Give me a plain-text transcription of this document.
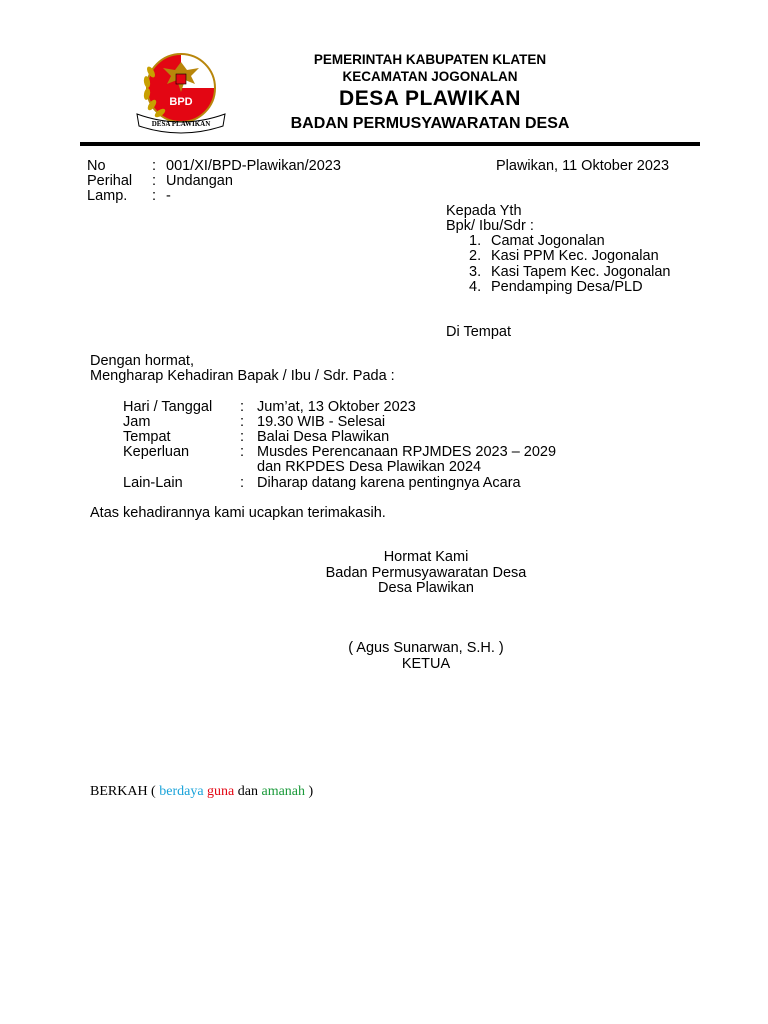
BPD
DESA PLAWIKAN
PEMERINTAH KABUPATEN KLATEN
KECAMATAN JOGONALAN
DESA PLAWIKAN
BADAN PERMUSYAWARATAN DESA
No	: 001/XI/BPD-Plawikan/2023	Plawikan, 11 Oktober 2023
Perihal : Undangan
Lamp. : -
Kepada Yth
Bpk/ Ibu/Sdr :
1. Camat Jogonalan
2. Kasi PPM Kec. Jogonalan
3. Kasi Tapem Kec. Jogonalan
4. Pendamping Desa/PLD
Di Tempat
Dengan hormat,
Mengharap Kehadiran Bapak / Ibu / Sdr. Pada :
Hari / Tanggal : Jum’at, 13 Oktober 2023
Jam	: 19.30 WIB - Selesai
Tempat	: Balai Desa Plawikan
Keperluan	: Musdes Perencanaan RPJMDES 2023 – 2029
dan RKPDES Desa Plawikan 2024
Lain-Lain	: Diharap datang karena pentingnya Acara
Atas kehadirannya kami ucapkan terimakasih.
Hormat Kami
Badan Permusyawaratan Desa
Desa Plawikan
( Agus Sunarwan, S.H. )
KETUA
BERKAH ( berdaya guna dan amanah )
